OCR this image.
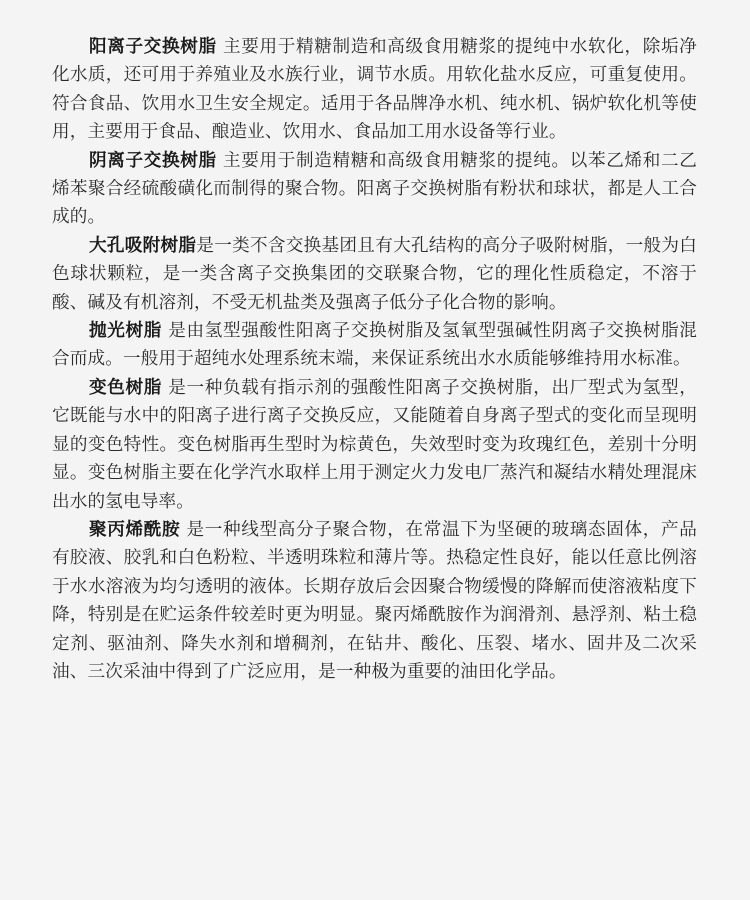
阳离子交换树脂 主要用于精糖制造和高级食用糖浆的提纯中水软化，除垢净化水质，还可用于养殖业及水族行业，调节水质。用软化盐水反应，可重复使用。符合食品、饮用水卫生安全规定。适用于各品牌净水机、纯水机、锅炉软化机等使用，主要用于食品、酿造业、饮用水、食品加工用水设备等行业。

阴离子交换树脂 主要用于制造精糖和高级食用糖浆的提纯。以苯乙烯和二乙烯苯聚合经硫酸磺化而制得的聚合物。阳离子交换树脂有粉状和球状，都是人工合成的。

大孔吸附树脂是一类不含交换基团且有大孔结构的高分子吸附树脂，一般为白色球状颗粒，是一类含离子交换集团的交联聚合物，它的理化性质稳定，不溶于酸、碱及有机溶剂，不受无机盐类及强离子低分子化合物的影响。

抛光树脂 是由氢型强酸性阳离子交换树脂及氢氧型强碱性阴离子交换树脂混合而成。一般用于超纯水处理系统末端，来保证系统出水水质能够维持用水标准。

变色树脂 是一种负载有指示剂的强酸性阳离子交换树脂，出厂型式为氢型，它既能与水中的阳离子进行离子交换反应，又能随着自身离子型式的变化而呈现明显的变色特性。变色树脂再生型时为棕黄色，失效型时变为玫瑰红色，差别十分明显。变色树脂主要在化学汽水取样上用于测定火力发电厂蒸汽和凝结水精处理混床出水的氢电导率。

聚丙烯酰胺 是一种线型高分子聚合物，在常温下为坚硬的玻璃态固体，产品有胶液、胶乳和白色粉粒、半透明珠粒和薄片等。热稳定性良好，能以任意比例溶于水水溶液为均匀透明的液体。长期存放后会因聚合物缓慢的降解而使溶液粘度下降，特别是在贮运条件较差时更为明显。聚丙烯酰胺作为润滑剂、悬浮剂、粘土稳定剂、驱油剂、降失水剂和增稠剂，在钻井、酸化、压裂、堵水、固井及二次采油、三次采油中得到了广泛应用，是一种极为重要的油田化学品。
